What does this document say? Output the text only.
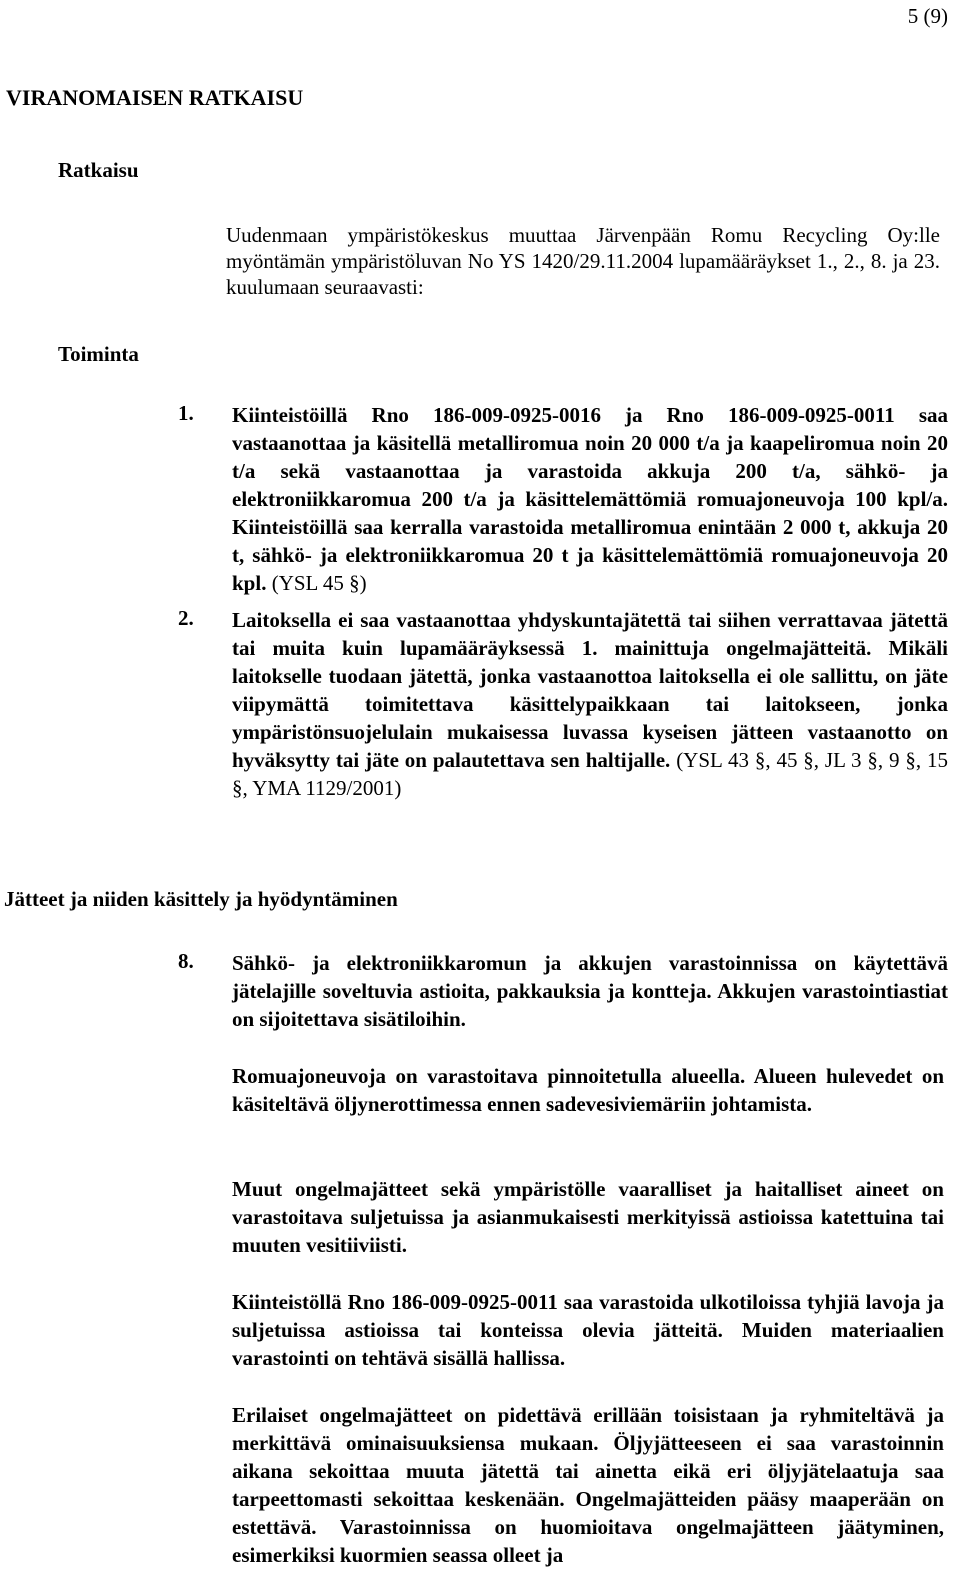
5 (9)
VIRANOMAISEN RATKAISU
Ratkaisu
Uudenmaan ympäristökeskus muuttaa Järvenpään Romu Recycling Oy:lle myöntämän ympäristöluvan No YS 1420/29.11.2004 lupamääräykset 1., 2., 8. ja 23. kuulumaan seuraavasti:
Toiminta
1. Kiinteistöillä Rno 186-009-0925-0016 ja Rno 186-009-0925-0011 saa vastaanottaa ja käsitellä metalliromua noin 20 000 t/a ja kaapeliromua noin 20 t/a sekä vastaanottaa ja varastoida akkuja 200 t/a, sähkö- ja elektroniikkaromua 200 t/a ja käsittelemättömiä romuajoneuvoja 100 kpl/a. Kiinteistöillä saa kerralla varastoida metalliromua enintään 2 000 t, akkuja 20 t, sähkö- ja elektroniikkaromua 20 t ja käsittelemättömiä romuajoneuvoja 20 kpl. (YSL 45 §)
2. Laitoksella ei saa vastaanottaa yhdyskuntajätettä tai siihen verrattavaa jätettä tai muita kuin lupamääräyksessä 1. mainittuja ongelmajätteitä. Mikäli laitokselle tuodaan jätettä, jonka vastaanottoa laitoksella ei ole sallittu, on jäte viipymättä toimitettava käsittelypaikkaan tai laitokseen, jonka ympäristönsuojelulain mukaisessa luvassa kyseisen jätteen vastaanotto on hyväksytty tai jäte on palautettava sen haltijalle. (YSL 43 §, 45 §, JL 3 §, 9 §, 15 §, YMA 1129/2001)
Jätteet ja niiden käsittely ja hyödyntäminen
8. Sähkö- ja elektroniikkaromun ja akkujen varastoinnissa on käytettävä jätelajille soveltuvia astioita, pakkauksia ja kontteja. Akkujen varastointiastiat on sijoitettava sisätiloihin.
Romuajoneuvoja on varastoitava pinnoitetulla alueella. Alueen hulevedet on käsiteltävä öljynerottimessa ennen sadevesiviemäriin johtamista.
Muut ongelmajätteet sekä ympäristölle vaaralliset ja haitalliset aineet on varastoitava suljetuissa ja asianmukaisesti merkityissä astioissa katettuina tai muuten vesitiiviisti.
Kiinteistöllä Rno 186-009-0925-0011 saa varastoida ulkotiloissa tyhjiä lavoja ja suljetuissa astioissa tai konteissa olevia jätteitä. Muiden materiaalien varastointi on tehtävä sisällä hallissa.
Erilaiset ongelmajätteet on pidettävä erillään toisistaan ja ryhmiteltävä ja merkittävä ominaisuuksiensa mukaan. Öljyjätteeseen ei saa varastoinnin aikana sekoittaa muuta jätettä tai ainetta eikä eri öljyjätelaatuja saa tarpeettomasti sekoittaa keskenään. Ongelmajätteiden pääsy maaperään on estettävä. Varastoinnissa on huomioitava ongelmajätteen jäätyminen, esimerkiksi kuormien seassa olleet ja
